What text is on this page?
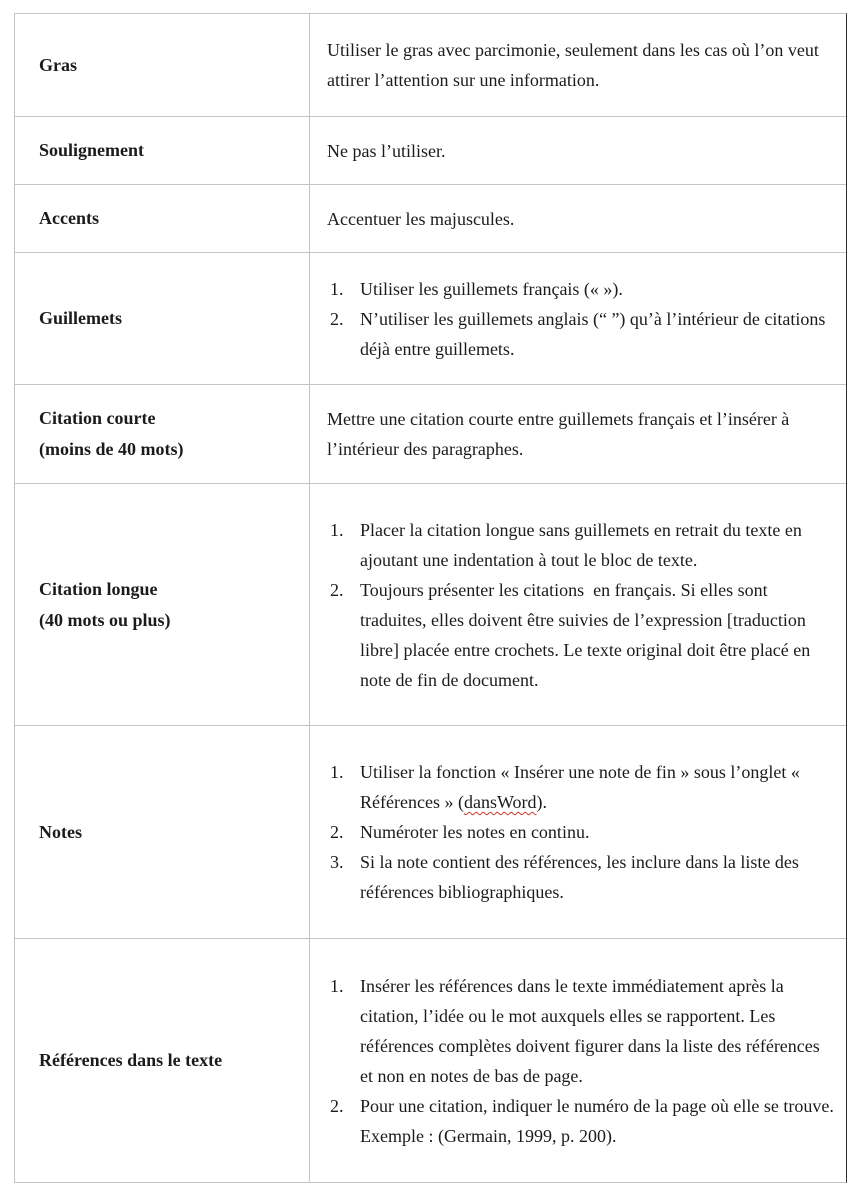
Gras
Utiliser le gras avec parcimonie, seulement dans les cas où l’on veut attirer l’attention sur une information.
Soulignement	Ne pas l’utiliser.
Accents	Accentuer les majuscules.
Guillemets
1. Utiliser les guillemets français (« »).
2. N’utiliser les guillemets anglais (“ ”) qu’à l’intérieur de citations déjà entre guillemets.
Citation courte
(moins de 40 mots)
Mettre une citation courte entre guillemets français et l’insérer à l’intérieur des paragraphes.
Citation longue
(40 mots ou plus)
1. Placer la citation longue sans guillemets en retrait du texte en ajoutant une indentation à tout le bloc de texte.
2. Toujours présenter les citations  en français. Si elles sont traduites, elles doivent être suivies de l’expression [traduction libre] placée entre crochets. Le texte original doit être placé en note de fin de document.
Notes
1. Utiliser la fonction « Insérer une note de fin » sous l’onglet « Références » (dansWord).
2. Numéroter les notes en continu.
3. Si la note contient des références, les inclure dans la liste des références bibliographiques.
Références dans le texte
1. Insérer les références dans le texte immédiatement après la citation, l’idée ou le mot auxquels elles se rapportent. Les références complètes doivent figurer dans la liste des références et non en notes de bas de page.
2. Pour une citation, indiquer le numéro de la page où elle se trouve. Exemple : (Germain, 1999, p. 200).
